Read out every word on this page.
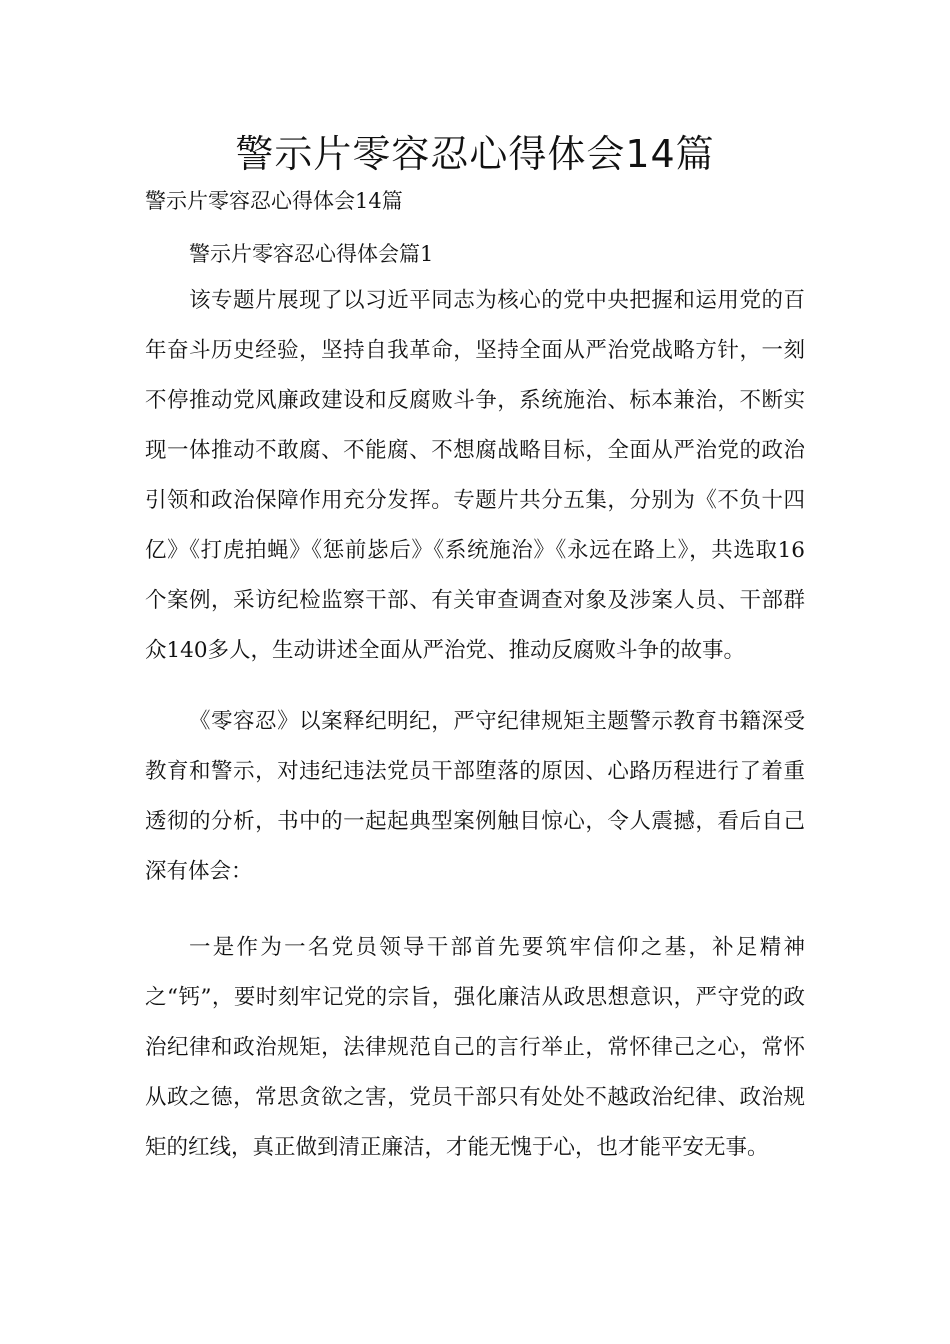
警示片零容忍心得体会14篇

警示片零容忍心得体会14篇

警示片零容忍心得体会篇1

该专题片展现了以习近平同志为核心的党中央把握和运用党的百年奋斗历史经验，坚持自我革命，坚持全面从严治党战略方针，一刻不停推动党风廉政建设和反腐败斗争，系统施治、标本兼治，不断实现一体推动不敢腐、不能腐、不想腐战略目标，全面从严治党的政治引领和政治保障作用充分发挥。专题片共分五集，分别为《不负十四亿》《打虎拍蝇》《惩前毖后》《系统施治》《永远在路上》，共选取16个案例，采访纪检监察干部、有关审查调查对象及涉案人员、干部群众140多人，生动讲述全面从严治党、推动反腐败斗争的故事。

《零容忍》以案释纪明纪，严守纪律规矩主题警示教育书籍深受教育和警示，对违纪违法党员干部堕落的原因、心路历程进行了着重透彻的分析，书中的一起起典型案例触目惊心，令人震撼，看后自己深有体会：

一是作为一名党员领导干部首先要筑牢信仰之基，补足精神之“钙”，要时刻牢记党的宗旨，强化廉洁从政思想意识，严守党的政治纪律和政治规矩，法律规范自己的言行举止，常怀律己之心，常怀从政之德，常思贪欲之害，党员干部只有处处不越政治纪律、政治规矩的红线，真正做到清正廉洁，才能无愧于心，也才能平安无事。
